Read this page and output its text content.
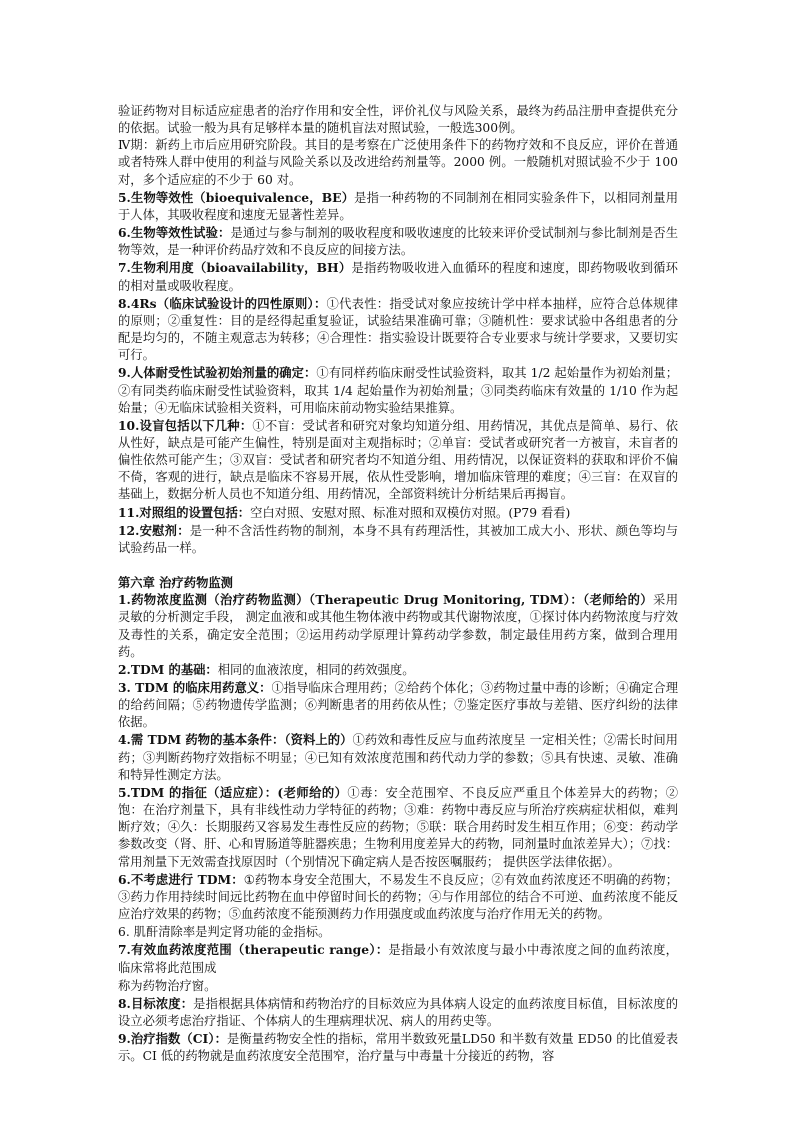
验证药物对目标适应症患者的治疗作用和安全性，评价礼仪与风险关系，最终为药品注册申查提供充分的依据。试验一般为具有足够样本量的随机盲法对照试验，一般选300例。

Ⅳ期：新药上市后应用研究阶段。其目的是考察在广泛使用条件下的药物疗效和不良反应，评价在普通或者特殊人群中使用的利益与风险关系以及改进给药剂量等。2000 例。一般随机对照试验不少于 100 对，多个适应症的不少于 60 对。

5.生物等效性（bioequivalence，BE）是指一种药物的不同制剂在相同实验条件下，以相同剂量用于人体，其吸收程度和速度无显著性差异。

6.生物等效性试验：是通过与参与制剂的吸收程度和吸收速度的比较来评价受试制剂与参比制剂是否生物等效，是一种评价药品疗效和不良反应的间接方法。

7.生物利用度（bioavailability，BH）是指药物吸收进入血循环的程度和速度，即药物吸收到循环的相对量或吸收程度。

8.4Rs（临床试验设计的四性原则）：①代表性：指受试对象应按统计学中样本抽样，应符合总体规律的原则；②重复性：目的是经得起重复验证，试验结果准确可靠；③随机性：要求试验中各组患者的分配是均匀的，不随主观意志为转移；④合理性：指实验设计既要符合专业要求与统计学要求，又要切实可行。

9.人体耐受性试验初始剂量的确定：①有同样药临床耐受性试验资料，取其 1/2 起始量作为初始剂量；②有同类药临床耐受性试验资料，取其 1/4 起始量作为初始剂量；③同类药临床有效量的 1/10 作为起始量；④无临床试验相关资料，可用临床前动物实验结果推算。

10.设盲包括以下几种：①不盲：受试者和研究对象均知道分组、用药情况，其优点是简单、易行、依从性好，缺点是可能产生偏性，特别是面对主观指标时；②单盲：受试者或研究者一方被盲，未盲者的偏性依然可能产生；③双盲：受试者和研究者均不知道分组、用药情况，以保证资料的获取和评价不偏不倚，客观的进行，缺点是临床不容易开展，依从性受影响，增加临床管理的难度；④三盲：在双盲的基础上，数据分析人员也不知道分组、用药情况，全部资料统计分析结果后再揭盲。

11.对照组的设置包括：空白对照、安慰对照、标准对照和双模仿对照。(P79 看看)

12.安慰剂：是一种不含活性药物的制剂，本身不具有药理活性，其被加工成大小、形状、颜色等均与试验药品一样。

第六章 治疗药物监测

1.药物浓度监测（治疗药物监测）（Therapeutic Drug Monitoring, TDM）：（老师给的）采用灵敏的分析测定手段， 测定血液和或其他生物体液中药物或其代谢物浓度，①探讨体内药物浓度与疗效及毒性的关系，确定安全范围；②运用药动学原理计算药动学参数，制定最佳用药方案，做到合理用药。

2.TDM 的基础：相同的血液浓度，相同的药效强度。

3. TDM 的临床用药意义：①指导临床合理用药；②给药个体化；③药物过量中毒的诊断；④确定合理的给药间隔；⑤药物遗传学监测；⑥判断患者的用药依从性；⑦鉴定医疗事故与差错、医疗纠纷的法律依据。

4.需 TDM 药物的基本条件：（资料上的）①药效和毒性反应与血药浓度呈 一定相关性；②需长时间用药；③判断药物疗效指标不明显；④已知有效浓度范围和药代动力学的参数；⑤具有快速、灵敏、准确和特异性测定方法。

5.TDM 的指征（适应症）：(老师给的）①毒：安全范围窄、不良反应严重且个体差异大的药物；②饱：在治疗剂量下，具有非线性动力学特征的药物；③难：药物中毒反应与所治疗疾病症状相似，难判断疗效；④久：长期服药又容易发生毒性反应的药物；⑤联：联合用药时发生相互作用；⑥变：药动学参数改变（肾、肝、心和胃肠道等脏器疾患；生物利用度差异大的药物，同剂量时血浓差异大）；⑦找： 常用剂量下无效需查找原因时（个别情况下确定病人是否按医嘱服药； 提供医学法律依据）。

6.不考虑进行 TDM：①药物本身安全范围大，不易发生不良反应；②有效血药浓度还不明确的药物；③药力作用持续时间远比药物在血中停留时间长的药物；④与作用部位的结合不可逆、血药浓度不能反应治疗效果的药物；⑤血药浓度不能预测药力作用强度或血药浓度与治疗作用无关的药物。

6. 肌酐清除率是判定肾功能的金指标。

7.有效血药浓度范围（therapeutic range）：是指最小有效浓度与最小中毒浓度之间的血药浓度，临床常将此范围成

称为药物治疗窗。

8.目标浓度：是指根据具体病情和药物治疗的目标效应为具体病人设定的血药浓度目标值，目标浓度的设立必须考虑治疗指证、个体病人的生理病理状况、病人的用药史等。

9.治疗指数（CI）：是衡量药物安全性的指标，常用半数致死量LD50 和半数有效量 ED50 的比值爱表示。CI 低的药物就是血药浓度安全范围窄，治疗量与中毒量十分接近的药物，容
